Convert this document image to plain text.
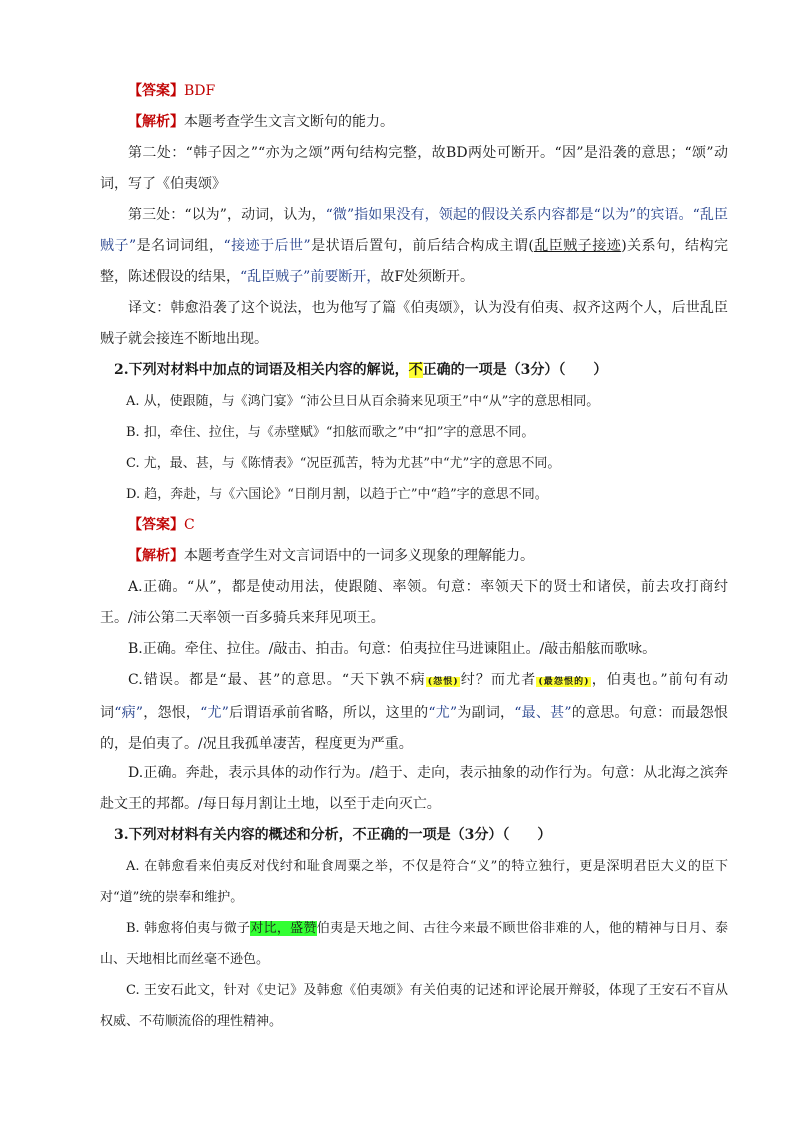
【答案】BDF

【解析】本题考查学生文言文断句的能力。

第二处：“韩子因之”“亦为之颂”两句结构完整，故BD两处可断开。“因”是沿袭的意思；“颂”动词，写了《伯夷颂》

第三处：“以为”，动词，认为，“微”指如果没有，领起的假设关系内容都是“以为”的宾语。“乱臣贼子”是名词词组，“接迹于后世”是状语后置句，前后结合构成主谓(乱臣贼子接迹)关系句，结构完整，陈述假设的结果，“乱臣贼子”前要断开，故F处须断开。

译文：韩愈沿袭了这个说法，也为他写了篇《伯夷颂》，认为没有伯夷、叔齐这两个人，后世乱臣贼子就会接连不断地出现。

2.下列对材料中加点的词语及相关内容的解说，不正确的一项是（3分）（　　）

A. 从，使跟随，与《鸿门宴》“沛公旦日从百余骑来见项王”中“从”字的意思相同。

B. 扣，牵住、拉住，与《赤壁赋》“扣舷而歌之”中“扣”字的意思不同。

C. 尤，最、甚，与《陈情表》“况臣孤苦，特为尤甚”中“尤”字的意思不同。

D. 趋，奔赴，与《六国论》“日削月割，以趋于亡”中“趋”字的意思不同。

【答案】C

【解析】本题考查学生对文言词语中的一词多义现象的理解能力。

A.正确。“从”，都是使动用法，使跟随、率领。句意：率领天下的贤士和诸侯，前去攻打商纣王。/沛公第二天率领一百多骑兵来拜见项王。

B.正确。牵住、拉住。/敲击、拍击。句意：伯夷拉住马进谏阻止。/敲击船舷而歌咏。

C.错误。都是“最、甚”的意思。“天下孰不病 (怨恨) 纣？而尤者 (最怨恨的) ，伯夷也。”前句有动词“病”，怨恨，“尤”后谓语承前省略，所以，这里的“尤”为副词，“最、甚”的意思。句意：而最怨恨的，是伯夷了。/况且我孤单凄苦，程度更为严重。

D.正确。奔赴，表示具体的动作行为。/趋于、走向，表示抽象的动作行为。句意：从北海之滨奔赴文王的邦都。/每日每月割让土地，以至于走向灭亡。

3.下列对材料有关内容的概述和分析，不正确的一项是（3分）（　　）

A. 在韩愈看来伯夷反对伐纣和耻食周粟之举，不仅是符合“义”的特立独行，更是深明君臣大义的臣下对“道”统的崇奉和维护。

B. 韩愈将伯夷与微子对比，盛赞伯夷是天地之间、古往今来最不顾世俗非难的人，他的精神与日月、泰山、天地相比而丝毫不逊色。

C. 王安石此文，针对《史记》及韩愈《伯夷颂》有关伯夷的记述和评论展开辩驳，体现了王安石不盲从权威、不苟顺流俗的理性精神。
